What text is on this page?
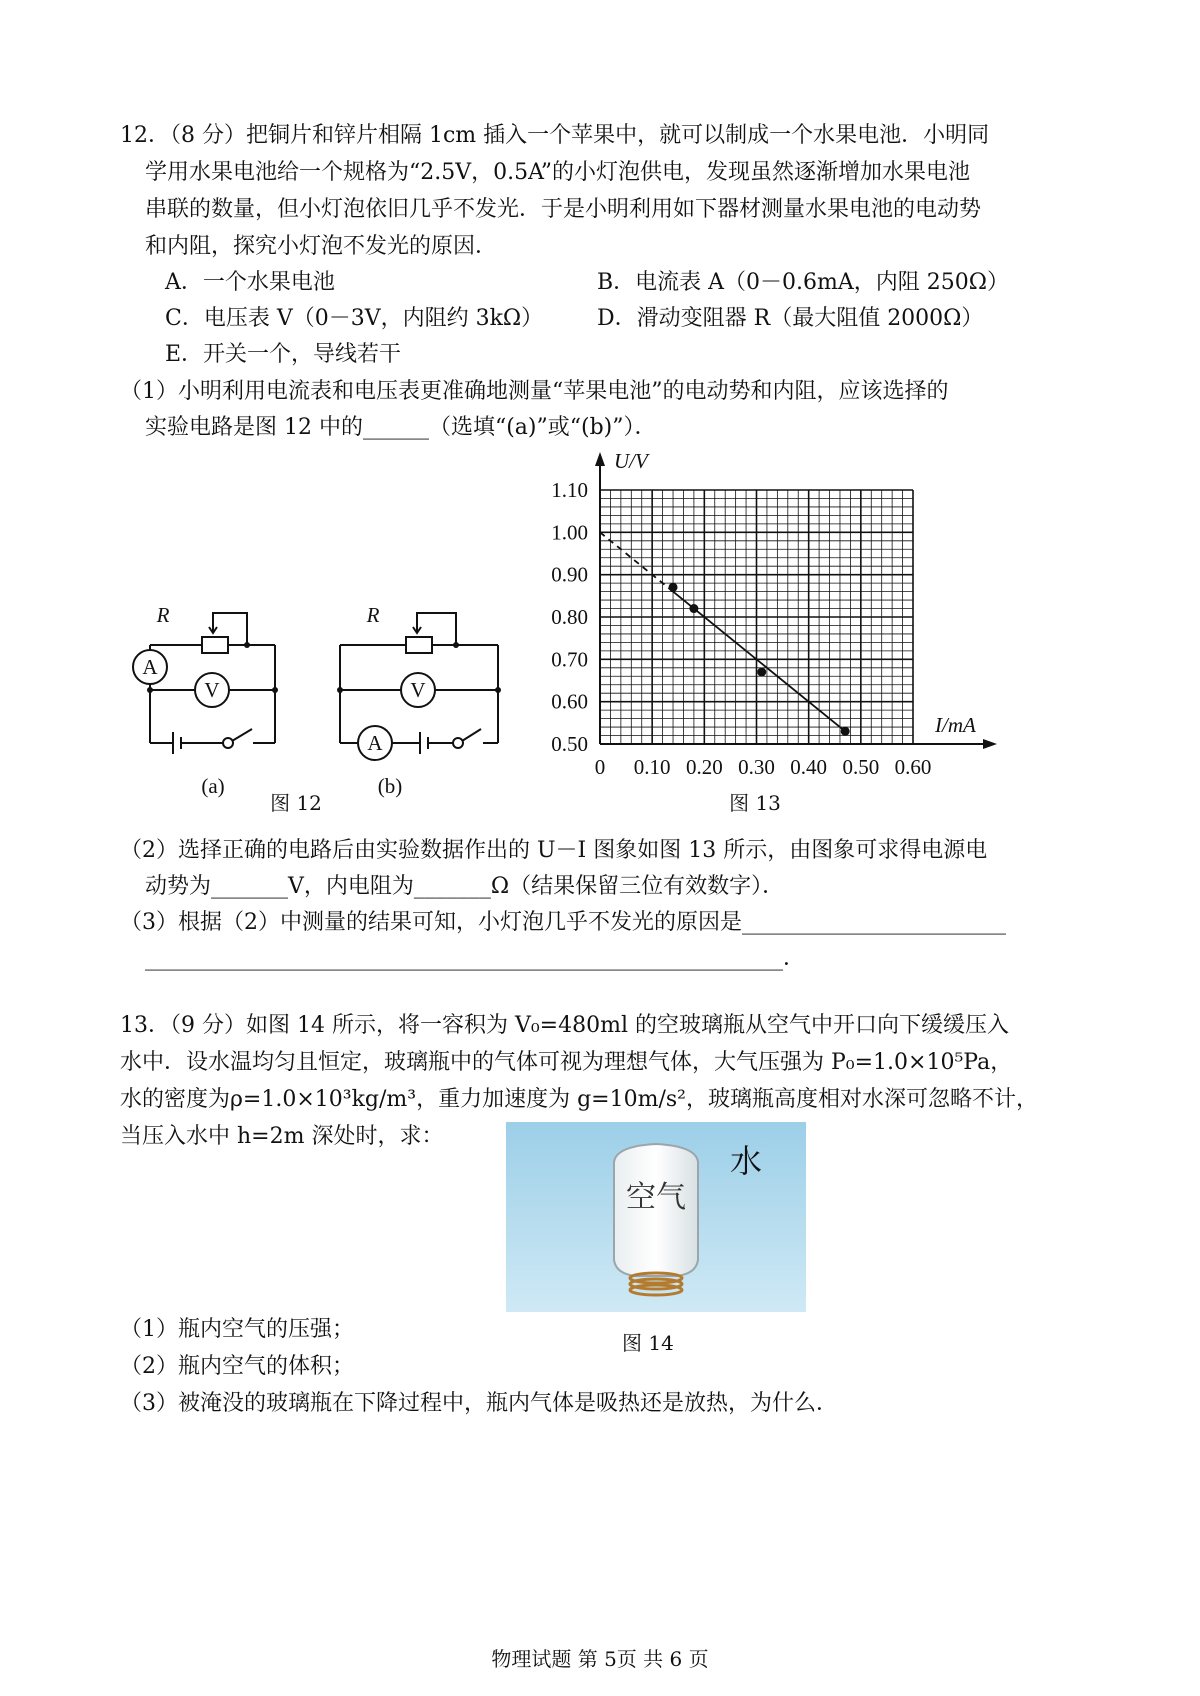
12．（8 分）把铜片和锌片相隔 1cm 插入一个苹果中，就可以制成一个水果电池．小明同
学用水果电池给一个规格为“2.5V，0.5A”的小灯泡供电，发现虽然逐渐增加水果电池
串联的数量，但小灯泡依旧几乎不发光．于是小明利用如下器材测量水果电池的电动势
和内阻，探究小灯泡不发光的原因．
A．一个水果电池	B．电流表 A（0－0.6mA，内阻 250Ω）
C．电压表 V（0－3V，内阻约 3kΩ） D．滑动变阻器 R（最大阻值 2000Ω）
E．开关一个，导线若干
（1）小明利用电流表和电压表更准确地测量“苹果电池”的电动势和内阻，应该选择的
实验电路是图 12 中的______（选填“(a)”或“(b)”）．
A
V	V
A
R	R
(a)	(b)
图 12
0.50
0.60
0.70
0.80
0.90
1.00
1.10
0 0.10 0.20 0.30 0.40 0.50 0.60
U/V
I/mA
图 13
（2）选择正确的电路后由实验数据作出的 U－I 图象如图 13 所示，由图象可求得电源电
动势为_______V，内电阻为_______Ω（结果保留三位有效数字）．
（3）根据（2）中测量的结果可知，小灯泡几乎不发光的原因是________________________
__________________________________________________________．
13．（9 分）如图 14 所示，将一容积为 V₀=480ml 的空玻璃瓶从空气中开口向下缓缓压入
水中．设水温均匀且恒定，玻璃瓶中的气体可视为理想气体，大气压强为 P₀=1.0×10⁵Pa，
水的密度为ρ=1.0×10³kg/m³，重力加速度为 g=10m/s²，玻璃瓶高度相对水深可忽略不计，
当压入水中 h=2m 深处时，求：
水
空气
图 14
（1）瓶内空气的压强；
（2）瓶内空气的体积；
（3）被淹没的玻璃瓶在下降过程中，瓶内气体是吸热还是放热，为什么．
物理试题 第 5页 共 6 页
